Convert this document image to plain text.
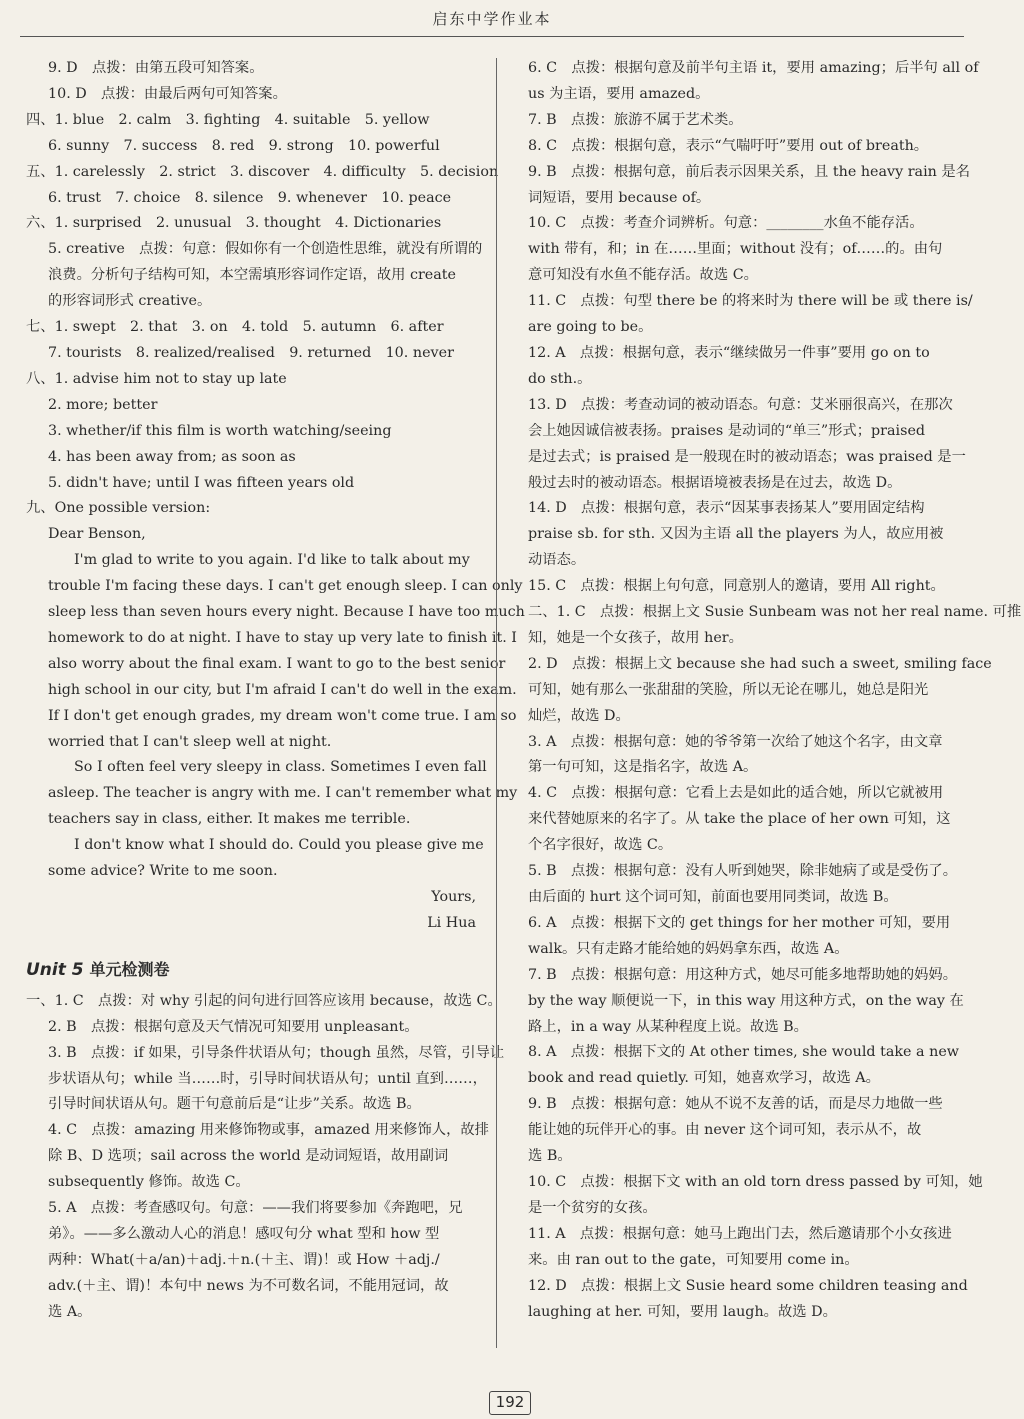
启东中学作业本
9. D　点拨：由第五段可知答案。
10. D　点拨：由最后两句可知答案。
四、1. blue　2. calm　3. fighting　4. suitable　5. yellow
6. sunny　7. success　8. red　9. strong　10. powerful
五、1. carelessly　2. strict　3. discover　4. difficulty　5. decision
6. trust　7. choice　8. silence　9. whenever　10. peace
六、1. surprised　2. unusual　3. thought　4. Dictionaries
5. creative　点拨：句意：假如你有一个创造性思维，就没有所谓的
浪费。分析句子结构可知，本空需填形容词作定语，故用 create
的形容词形式 creative。
七、1. swept　2. that　3. on　4. told　5. autumn　6. after
7. tourists　8. realized/realised　9. returned　10. never
八、1. advise him not to stay up late
2. more; better
3. whether/if this film is worth watching/seeing
4. has been away from; as soon as
5. didn't have; until I was fifteen years old
九、One possible version:
Dear Benson,
I'm glad to write to you again. I'd like to talk about my
trouble I'm facing these days. I can't get enough sleep. I can only
sleep less than seven hours every night. Because I have too much
homework to do at night. I have to stay up very late to finish it. I
also worry about the final exam. I want to go to the best senior
high school in our city, but I'm afraid I can't do well in the exam.
If I don't get enough grades, my dream won't come true. I am so
worried that I can't sleep well at night.
So I often feel very sleepy in class. Sometimes I even fall
asleep. The teacher is angry with me. I can't remember what my
teachers say in class, either. It makes me terrible.
I don't know what I should do. Could you please give me
some advice? Write to me soon.
Yours,
Li Hua
Unit 5 单元检测卷
一、1. C　点拨：对 why 引起的问句进行回答应该用 because，故选 C。
2. B　点拨：根据句意及天气情况可知要用 unpleasant。
3. B　点拨：if 如果，引导条件状语从句；though 虽然，尽管，引导让
步状语从句；while 当……时，引导时间状语从句；until 直到……，
引导时间状语从句。题干句意前后是“让步”关系。故选 B。
4. C　点拨：amazing 用来修饰物或事，amazed 用来修饰人，故排
除 B、D 选项；sail across the world 是动词短语，故用副词
subsequently 修饰。故选 C。
5. A　点拨：考查感叹句。句意：——我们将要参加《奔跑吧，兄
弟》。——多么激动人心的消息！感叹句分 what 型和 how 型
两种：What(＋a/an)＋adj.＋n.(＋主、谓)！或 How ＋adj./
adv.(＋主、谓)！本句中 news 为不可数名词，不能用冠词，故
选 A。
6. C　点拨：根据句意及前半句主语 it，要用 amazing；后半句 all of
us 为主语，要用 amazed。
7. B　点拨：旅游不属于艺术类。
8. C　点拨：根据句意，表示“气喘吁吁”要用 out of breath。
9. B　点拨：根据句意，前后表示因果关系，且 the heavy rain 是名
词短语，要用 because of。
10. C　点拨：考查介词辨析。句意：________水鱼不能存活。
with 带有，和；in 在……里面；without 没有；of……的。由句
意可知没有水鱼不能存活。故选 C。
11. C　点拨：句型 there be 的将来时为 there will be 或 there is/
are going to be。
12. A　点拨：根据句意，表示“继续做另一件事”要用 go on to
do sth.。
13. D　点拨：考查动词的被动语态。句意：艾米丽很高兴，在那次
会上她因诚信被表扬。praises 是动词的“单三”形式；praised
是过去式；is praised 是一般现在时的被动语态；was praised 是一
般过去时的被动语态。根据语境被表扬是在过去，故选 D。
14. D　点拨：根据句意，表示“因某事表扬某人”要用固定结构
praise sb. for sth. 又因为主语 all the players 为人，故应用被
动语态。
15. C　点拨：根据上句句意，同意别人的邀请，要用 All right。
二、1. C　点拨：根据上文 Susie Sunbeam was not her real name. 可推
知，她是一个女孩子，故用 her。
2. D　点拨：根据上文 because she had such a sweet, smiling face
可知，她有那么一张甜甜的笑脸，所以无论在哪儿，她总是阳光
灿烂，故选 D。
3. A　点拨：根据句意：她的爷爷第一次给了她这个名字，由文章
第一句可知，这是指名字，故选 A。
4. C　点拨：根据句意：它看上去是如此的适合她，所以它就被用
来代替她原来的名字了。从 take the place of her own 可知，这
个名字很好，故选 C。
5. B　点拨：根据句意：没有人听到她哭，除非她病了或是受伤了。
由后面的 hurt 这个词可知，前面也要用同类词，故选 B。
6. A　点拨：根据下文的 get things for her mother 可知，要用
walk。只有走路才能给她的妈妈拿东西，故选 A。
7. B　点拨：根据句意：用这种方式，她尽可能多地帮助她的妈妈。
by the way 顺便说一下，in this way 用这种方式，on the way 在
路上，in a way 从某种程度上说。故选 B。
8. A　点拨：根据下文的 At other times, she would take a new
book and read quietly. 可知，她喜欢学习，故选 A。
9. B　点拨：根据句意：她从不说不友善的话，而是尽力地做一些
能让她的玩伴开心的事。由 never 这个词可知，表示从不，故
选 B。
10. C　点拨：根据下文 with an old torn dress passed by 可知，她
是一个贫穷的女孩。
11. A　点拨：根据句意：她马上跑出门去，然后邀请那个小女孩进
来。由 ran out to the gate，可知要用 come in。
12. D　点拨：根据上文 Susie heard some children teasing and
laughing at her. 可知，要用 laugh。故选 D。
192
